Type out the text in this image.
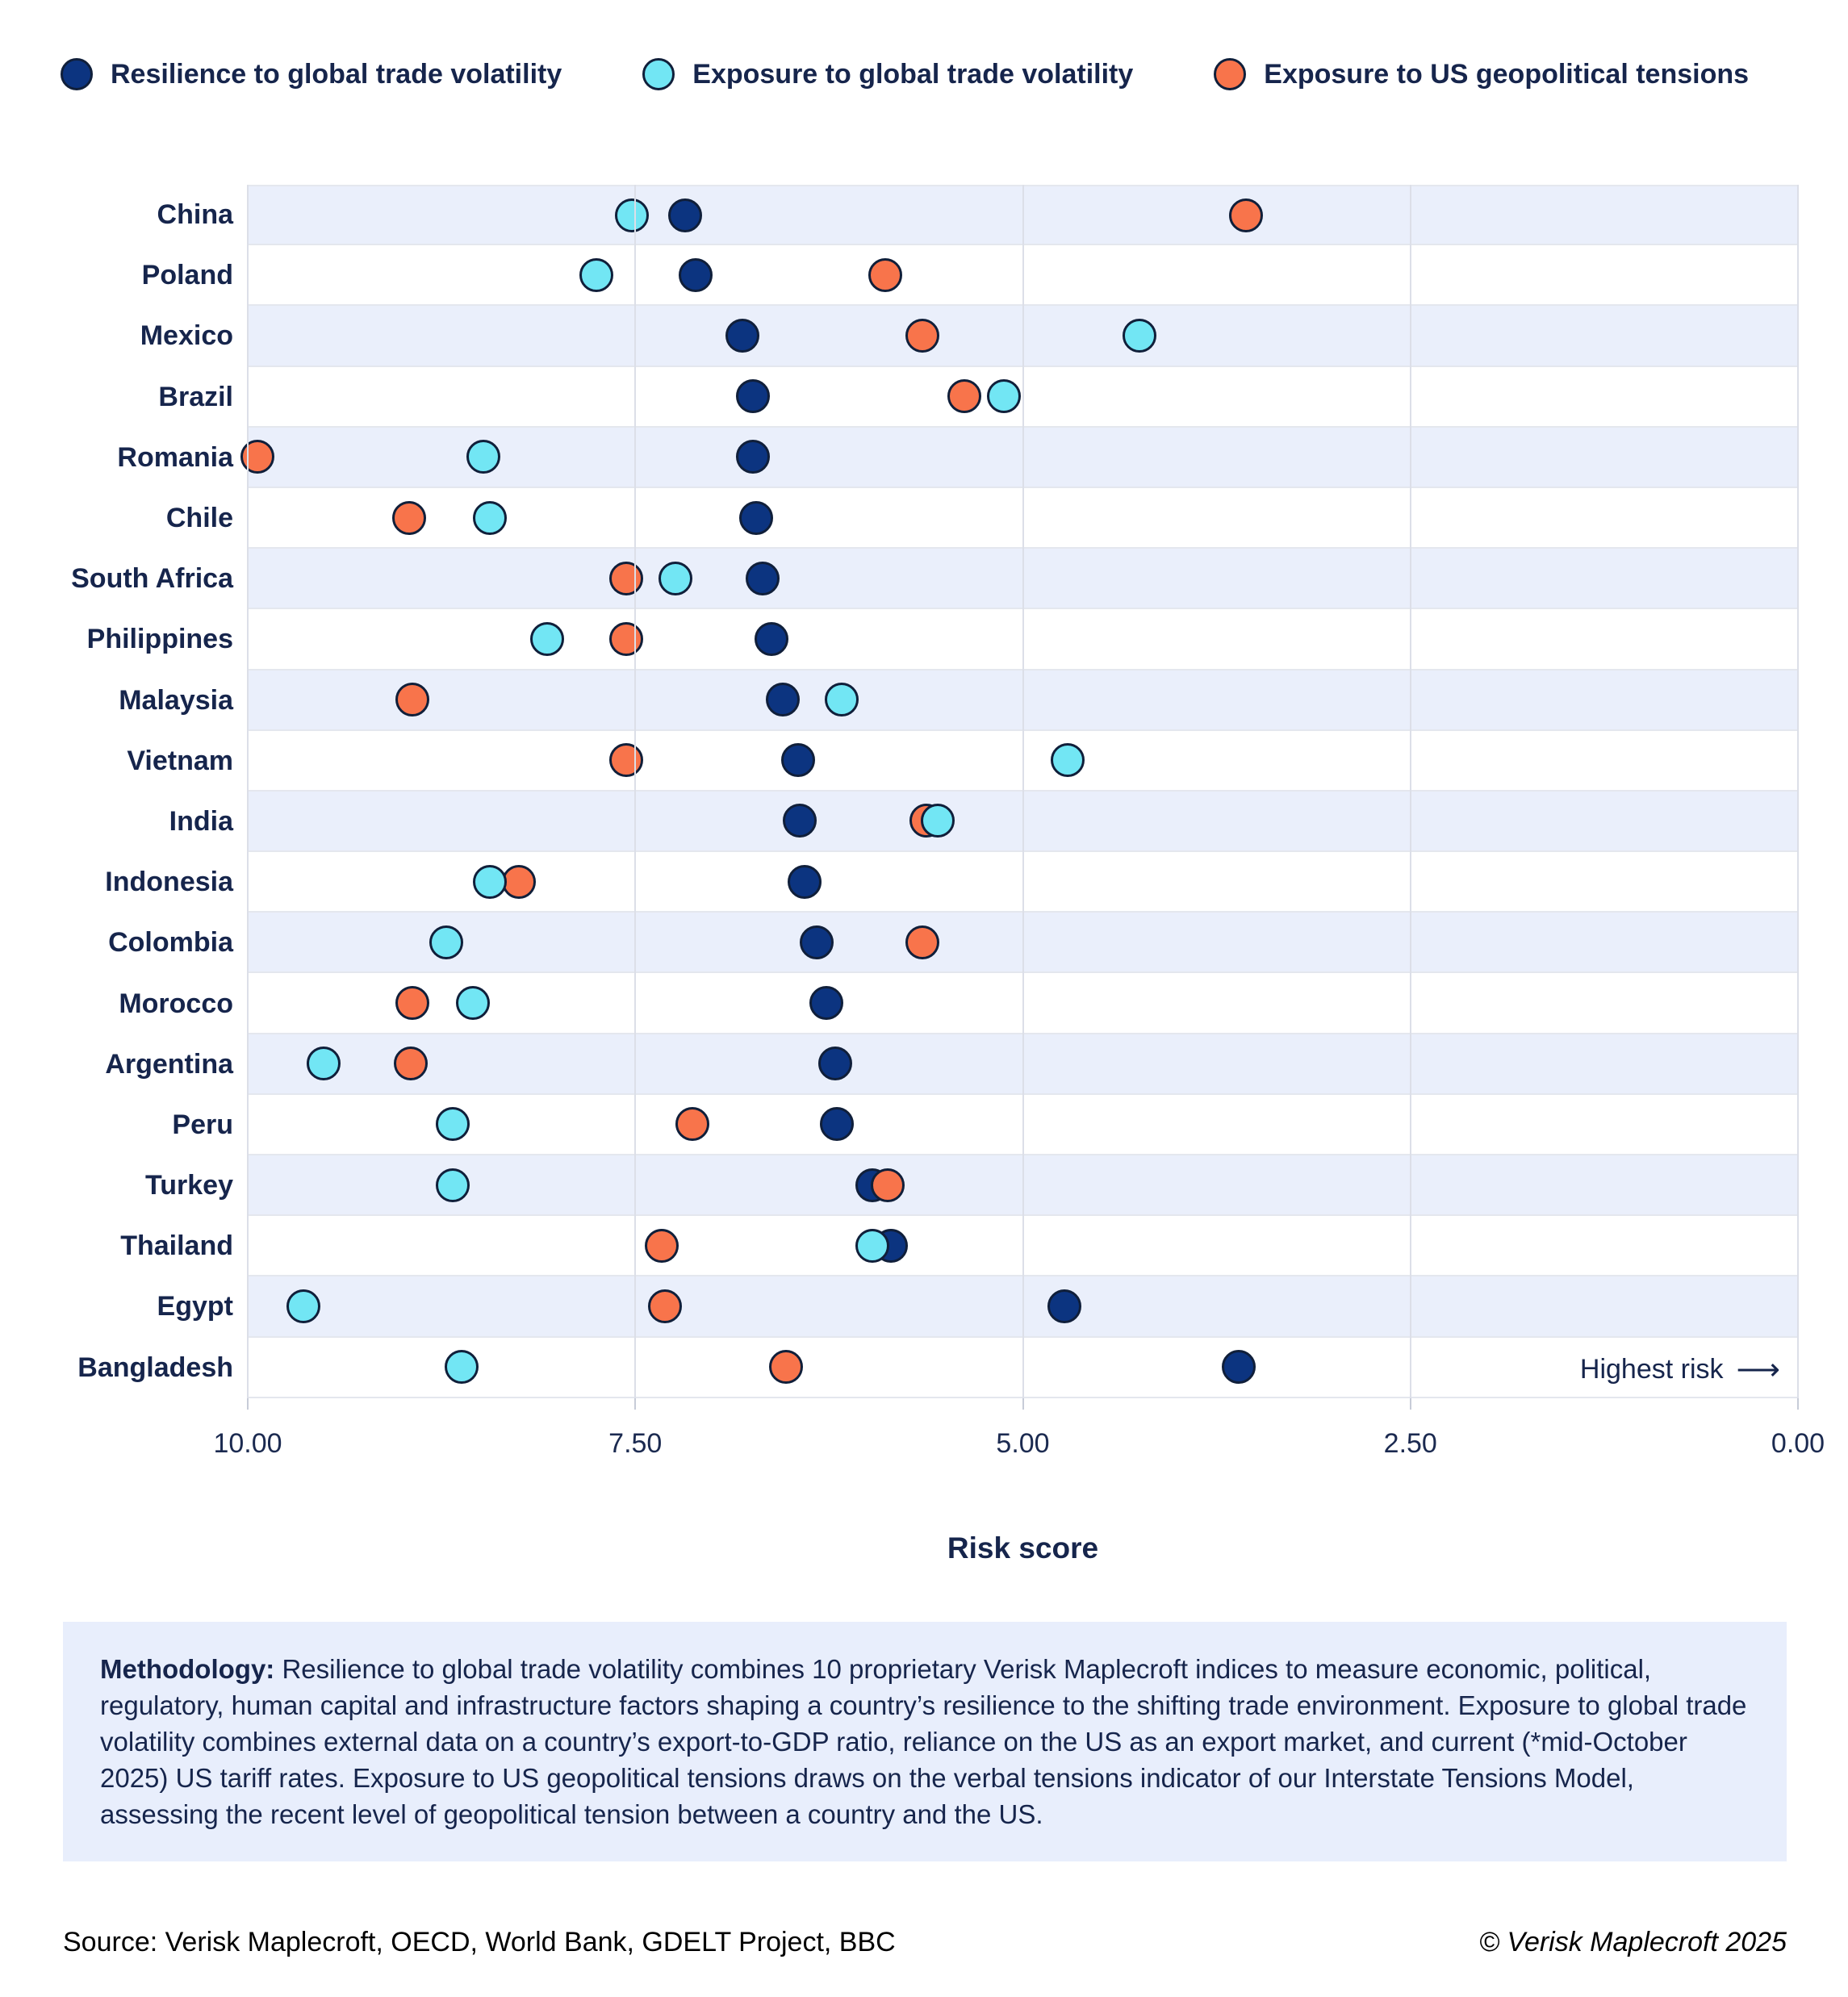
Resilience to global trade volatility	Exposure to global trade volatility	Exposure to US geopolitical tensions
China
Poland
Mexico
Brazil
Romania
Chile
South Africa
Philippines
Malaysia
Vietnam
India
Indonesia
Colombia
Morocco
Argentina
Peru
Turkey
Thailand
Egypt
Bangladesh	Highest risk ⟶
10.00	7.50	5.00	2.50	0.00
Risk score
Methodology: Resilience to global trade volatility combines 10 proprietary Verisk Maplecroft indices to measure economic, political, regulatory, human capital and infrastructure factors shaping a country’s resilience to the shifting trade environment. Exposure to global trade volatility combines external data on a country’s export-to-GDP ratio, reliance on the US as an export market, and current (*mid-October 2025) US tariff rates. Exposure to US geopolitical tensions draws on the verbal tensions indicator of our Interstate Tensions Model, assessing the recent level of geopolitical tension between a country and the US.
Source: Verisk Maplecroft, OECD, World Bank, GDELT Project, BBC	© Verisk Maplecroft 2025
